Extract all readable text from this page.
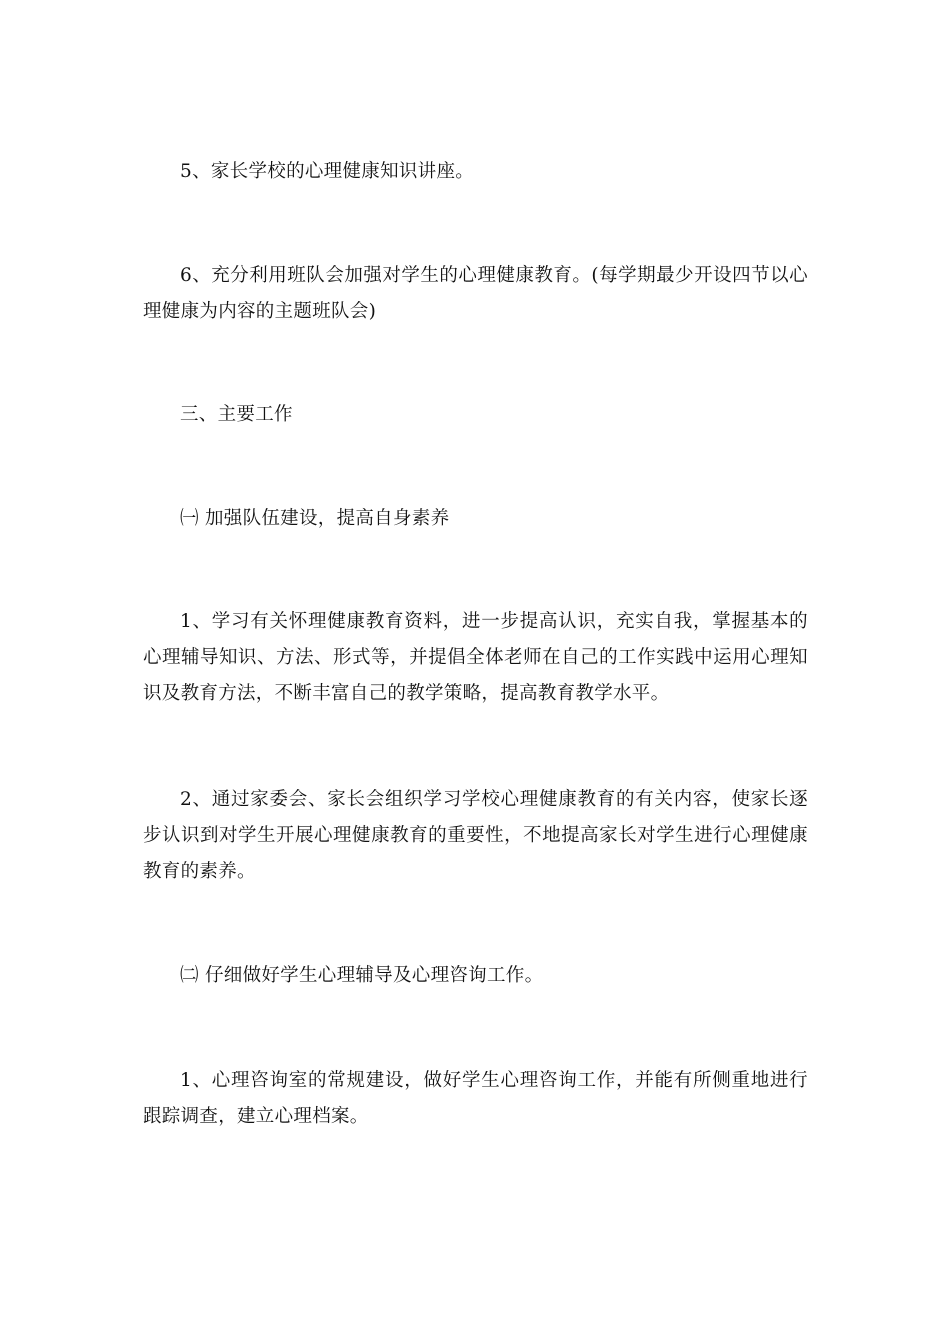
5、家长学校的心理健康知识讲座。

6、充分利用班队会加强对学生的心理健康教育。(每学期最少开设四节以心理健康为内容的主题班队会)

三、主要工作

㈠ 加强队伍建设，提高自身素养

1、学习有关怀理健康教育资料，进一步提高认识，充实自我，掌握基本的心理辅导知识、方法、形式等，并提倡全体老师在自己的工作实践中运用心理知识及教育方法，不断丰富自己的教学策略，提高教育教学水平。

2、通过家委会、家长会组织学习学校心理健康教育的有关内容，使家长逐步认识到对学生开展心理健康教育的重要性，不地提高家长对学生进行心理健康教育的素养。

㈡ 仔细做好学生心理辅导及心理咨询工作。

1、心理咨询室的常规建设，做好学生心理咨询工作，并能有所侧重地进行跟踪调查，建立心理档案。
